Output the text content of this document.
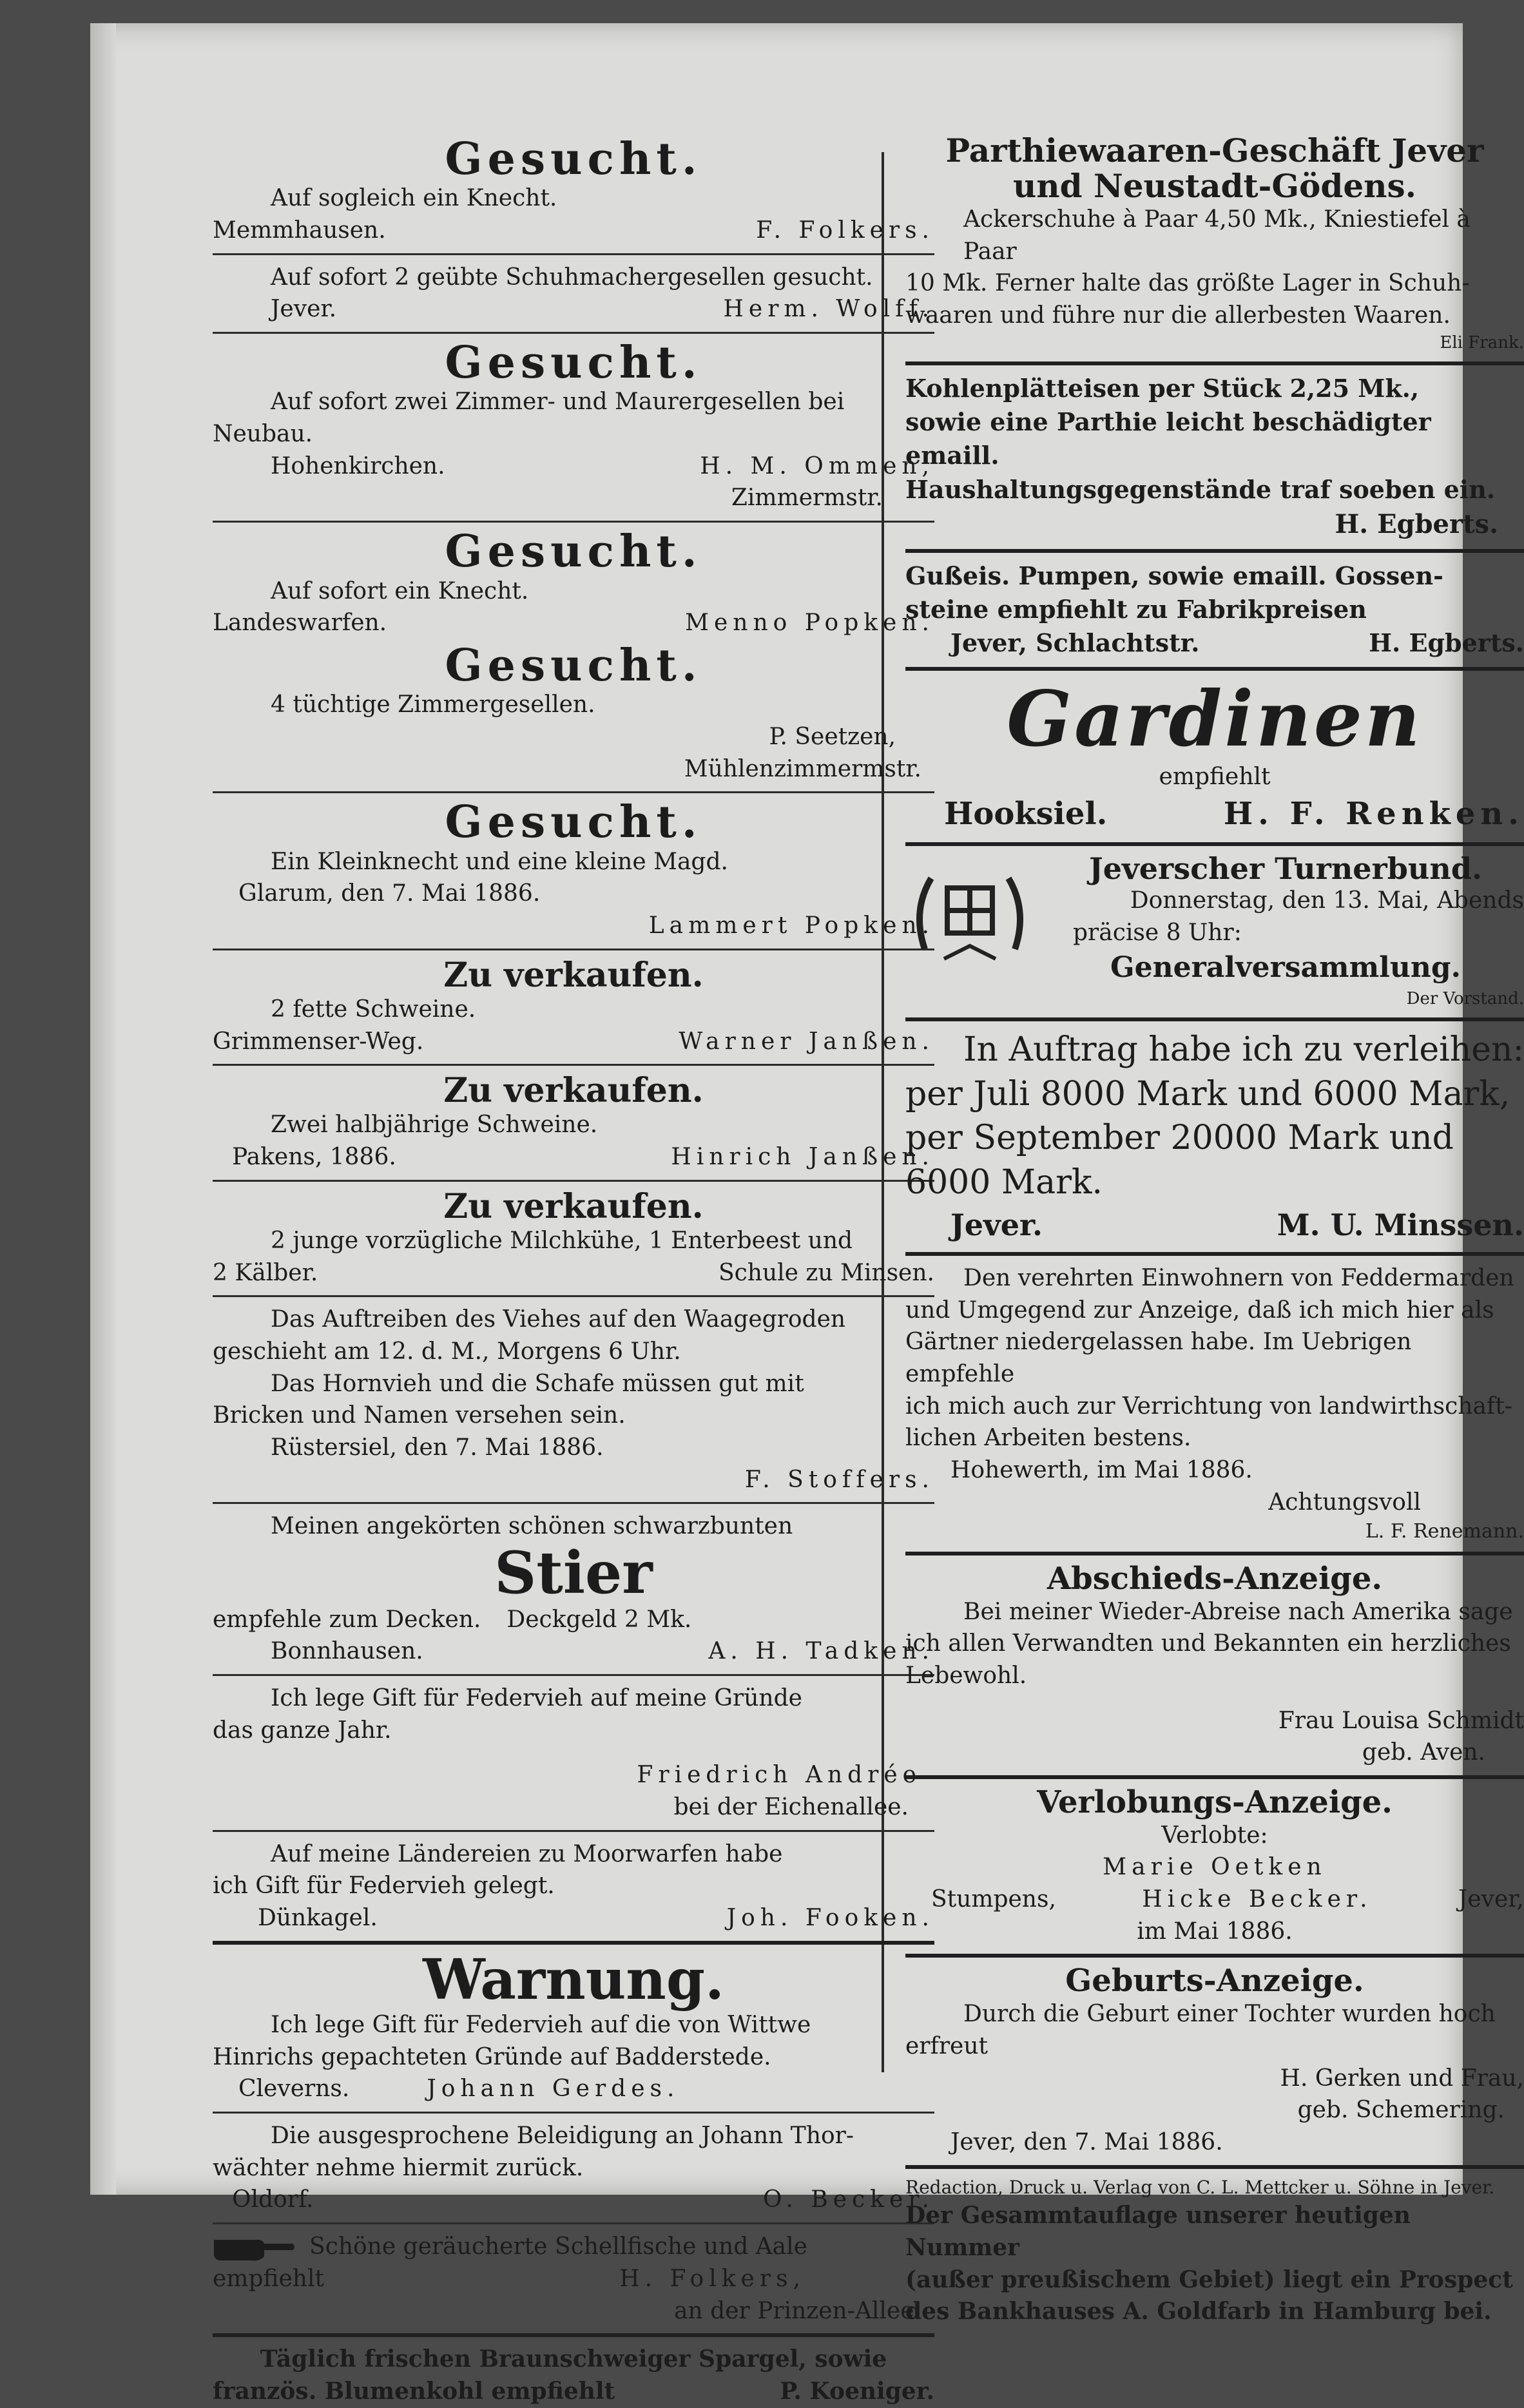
Gesucht.
Auf sogleich ein Knecht.
Memmhausen.	F. Folkers.
Auf sofort 2 geübte Schuhmachergesellen gesucht.
Jever.	Herm. Wolff.
Gesucht.
Auf sofort zwei Zimmer- und Maurergesellen bei Neubau.
Hohenkirchen.	H. M. Ommen,
Zimmermstr.
Gesucht.
Auf sofort ein Knecht.
Landeswarfen.	Menno Popken.
Gesucht.
4 tüchtige Zimmergesellen.
P. Seetzen,
Mühlenzimmermstr.
Gesucht.
Ein Kleinknecht und eine kleine Magd.
Glarum, den 7. Mai 1886.
Lammert Popken.
Zu verkaufen.
2 fette Schweine.
Grimmenser-Weg.	Warner Janßen.
Zu verkaufen.
Zwei halbjährige Schweine.
Pakens, 1886.	Hinrich Janßen.
Zu verkaufen.
2 junge vorzügliche Milchkühe, 1 Enterbeest und
2 Kälber.	Schule zu Minsen.
Das Auftreiben des Viehes auf den Waagegroden
geschieht am 12. d. M., Morgens 6 Uhr.
Das Hornvieh und die Schafe müssen gut mit
Bricken und Namen versehen sein.
Rüstersiel, den 7. Mai 1886.
F. Stoffers.
Meinen angekörten schönen schwarzbunten
Stier
empfehle zum Decken. Deckgeld 2 Mk.
Bonnhausen.	A. H. Tadken.
Ich lege Gift für Federvieh auf meine Gründe
das ganze Jahr.
Friedrich Andrée
bei der Eichenallee.
Auf meine Ländereien zu Moorwarfen habe
ich Gift für Federvieh gelegt.
Dünkagel.	Joh. Fooken.
Warnung.
Ich lege Gift für Federvieh auf die von Wittwe
Hinrichs gepachteten Gründe auf Badderstede.
Cleverns.	Johann Gerdes.
Die ausgesprochene Beleidigung an Johann Thor-
wächter nehme hiermit zurück.
Oldorf.	O. Becker.
Schöne geräucherte Schellfische und Aale
empfiehlt	H. Folkers,
an der Prinzen-Allee.
Täglich frischen Braunschweiger Spargel, sowie
französ. Blumenkohl empfiehlt	P. Koeniger.
Parthiewaaren-Geschäft Jever
und Neustadt-Gödens.
Ackerschuhe à Paar 4,50 Mk., Kniestiefel à Paar
10 Mk. Ferner halte das größte Lager in Schuh-
waaren und führe nur die allerbesten Waaren.
Eli Frank.
Kohlenplätteisen per Stück 2,25 Mk.,
sowie eine Parthie leicht beschädigter emaill.
Haushaltungsgegenstände traf soeben ein.
H. Egberts.
Gußeis. Pumpen, sowie emaill. Gossen-
steine empfiehlt zu Fabrikpreisen
Jever, Schlachtstr.	H. Egberts.
Gardinen
empfiehlt
Hooksiel.	H. F. Renken.
Jeverscher Turnerbund.
Donnerstag, den 13. Mai, Abends
präcise 8 Uhr:
Generalversammlung.
Der Vorstand.
In Auftrag habe ich zu verleihen:
per Juli 8000 Mark und 6000 Mark,
per September 20000 Mark und
6000 Mark.
Jever.	M. U. Minssen.
Den verehrten Einwohnern von Feddermarden
und Umgegend zur Anzeige, daß ich mich hier als
Gärtner niedergelassen habe. Im Uebrigen empfehle
ich mich auch zur Verrichtung von landwirthschaft-
lichen Arbeiten bestens.
Hohewerth, im Mai 1886.
Achtungsvoll
L. F. Renemann.
Abschieds-Anzeige.
Bei meiner Wieder-Abreise nach Amerika sage
ich allen Verwandten und Bekannten ein herzliches
Lebewohl.
Frau Louisa Schmidt
geb. Aven.
Verlobungs-Anzeige.
Verlobte:
Marie Oetken
Stumpens,	Hicke Becker.	Jever,
im Mai 1886.
Geburts-Anzeige.
Durch die Geburt einer Tochter wurden hoch
erfreut
H. Gerken und Frau,
geb. Schemering.
Jever, den 7. Mai 1886.
Redaction, Druck u. Verlag von C. L. Mettcker u. Söhne in Jever.
Der Gesammtauflage unserer heutigen Nummer
(außer preußischem Gebiet) liegt ein Prospect
des Bankhauses A. Goldfarb in Hamburg bei.
